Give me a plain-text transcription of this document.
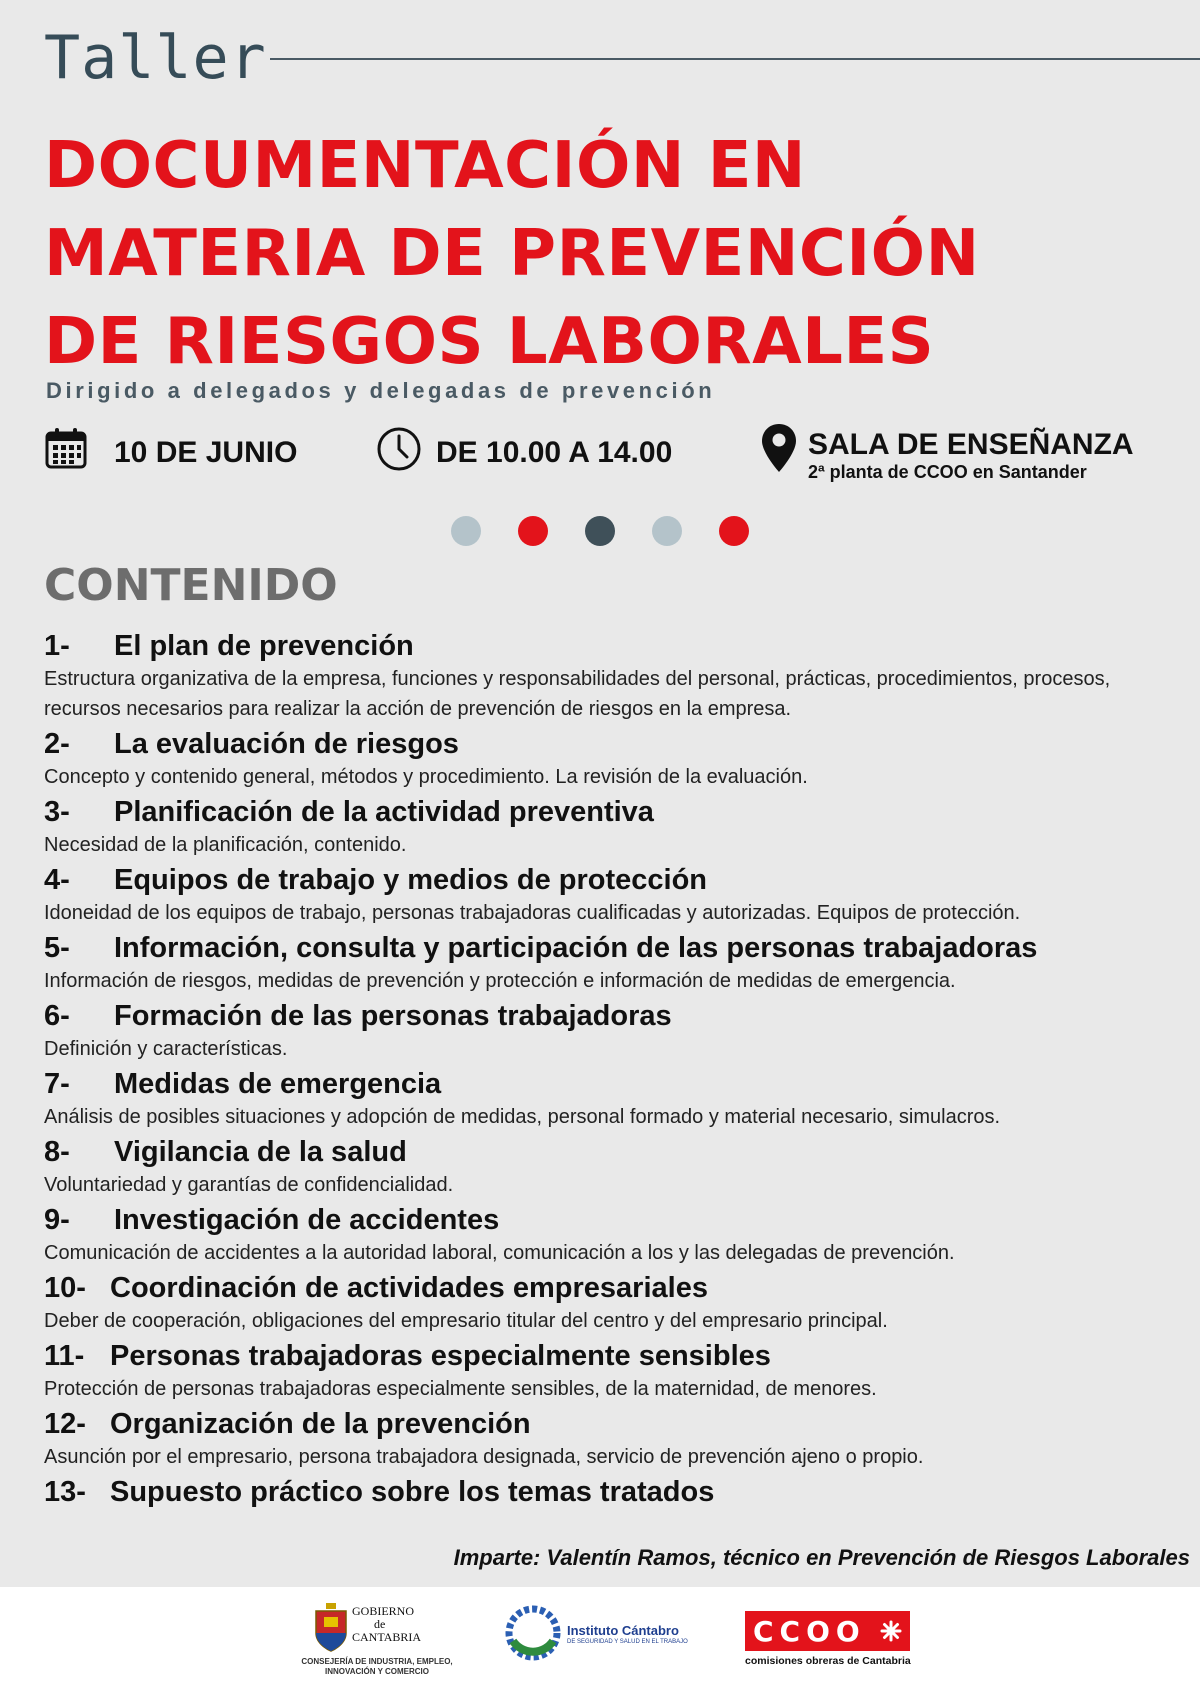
Taller
DOCUMENTACIÓN EN
MATERIA DE PREVENCIÓN
DE RIESGOS LABORALES
Dirigido a delegados y delegadas de prevención
10 DE JUNIO	DE 10.00 A 14.00	SALA DE ENSEÑANZA
2ª planta de CCOO en Santander
CONTENIDO
1-	El plan de prevención
Estructura organizativa de la empresa, funciones y responsabilidades del personal, prácticas, procedimientos, procesos, recursos necesarios para realizar la acción de prevención de riesgos en la empresa.
2-	La evaluación de riesgos
Concepto y contenido general, métodos y procedimiento. La revisión de la evaluación.
3-	Planificación de la actividad preventiva
Necesidad de la planificación, contenido.
4-	Equipos de trabajo y medios de protección
Idoneidad de los equipos de trabajo, personas trabajadoras cualificadas y autorizadas. Equipos de protección.
5-	Información, consulta y participación de las personas trabajadoras
Información de riesgos, medidas de prevención y protección e información de medidas de emergencia.
6-	Formación de las personas trabajadoras
Definición y características.
7-	Medidas de emergencia
Análisis de posibles situaciones y adopción de medidas, personal formado y material necesario, simulacros.
8-	Vigilancia de la salud
Voluntariedad y garantías de confidencialidad.
9-	Investigación de accidentes
Comunicación de accidentes a la autoridad laboral, comunicación a los y las delegadas de prevención.
10- Coordinación de actividades empresariales
Deber de cooperación, obligaciones del empresario titular del centro y del empresario principal.
11- Personas trabajadoras especialmente sensibles
Protección de personas trabajadoras especialmente sensibles, de la maternidad, de menores.
12- Organización de la prevención
Asunción por el empresario, persona trabajadora designada, servicio de prevención ajeno o propio.
13- Supuesto práctico sobre los temas tratados
Imparte: Valentín Ramos, técnico en Prevención de Riesgos Laborales
GOBIERNO
de
CANTABRIA
CONSEJERÍA DE INDUSTRIA, EMPLEO,
INNOVACIÓN Y COMERCIO
Instituto Cántabro
DE SEGURIDAD Y SALUD EN EL TRABAJO CCOO
comisiones obreras de Cantabria
